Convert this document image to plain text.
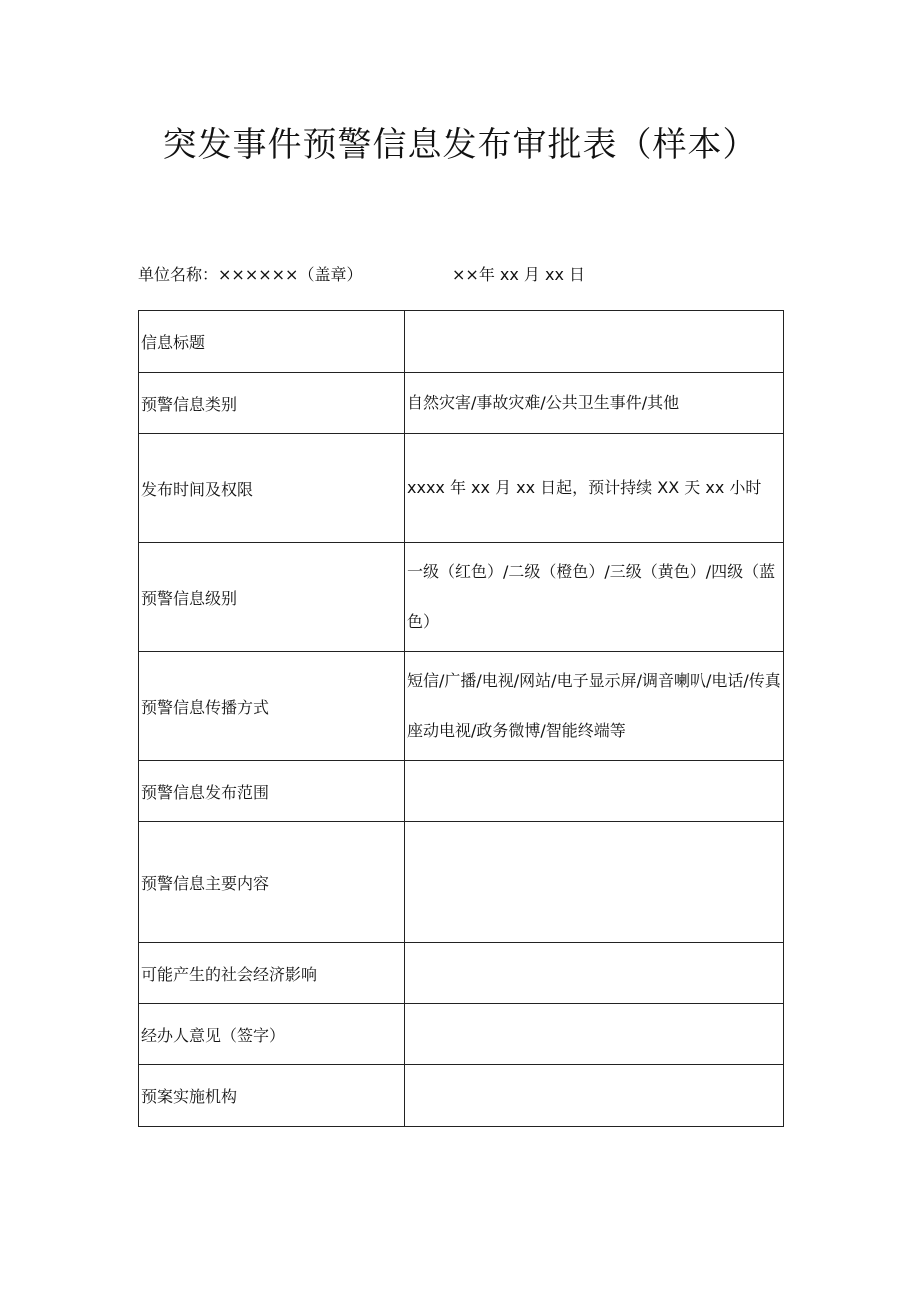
突发事件预警信息发布审批表（样本）
单位名称：××××××（盖章）	××年 xx 月 xx 日
信息标题	
预警信息类别	自然灾害/事故灾难/公共卫生事件/其他
发布时间及权限	xxxx 年 xx 月 xx 日起，预计持续 XX 天 xx 小时
预警信息级别	一级（红色）/二级（橙色）/三级（黄色）/四级（蓝色）
预警信息传播方式	短信/广播/电视/网站/电子显示屏/调音喇叭/电话/传真座动电视/政务微博/智能终端等
预警信息发布范围	
预警信息主要内容	
可能产生的社会经济影响	
经办人意见（签字）	
预案实施机构	
